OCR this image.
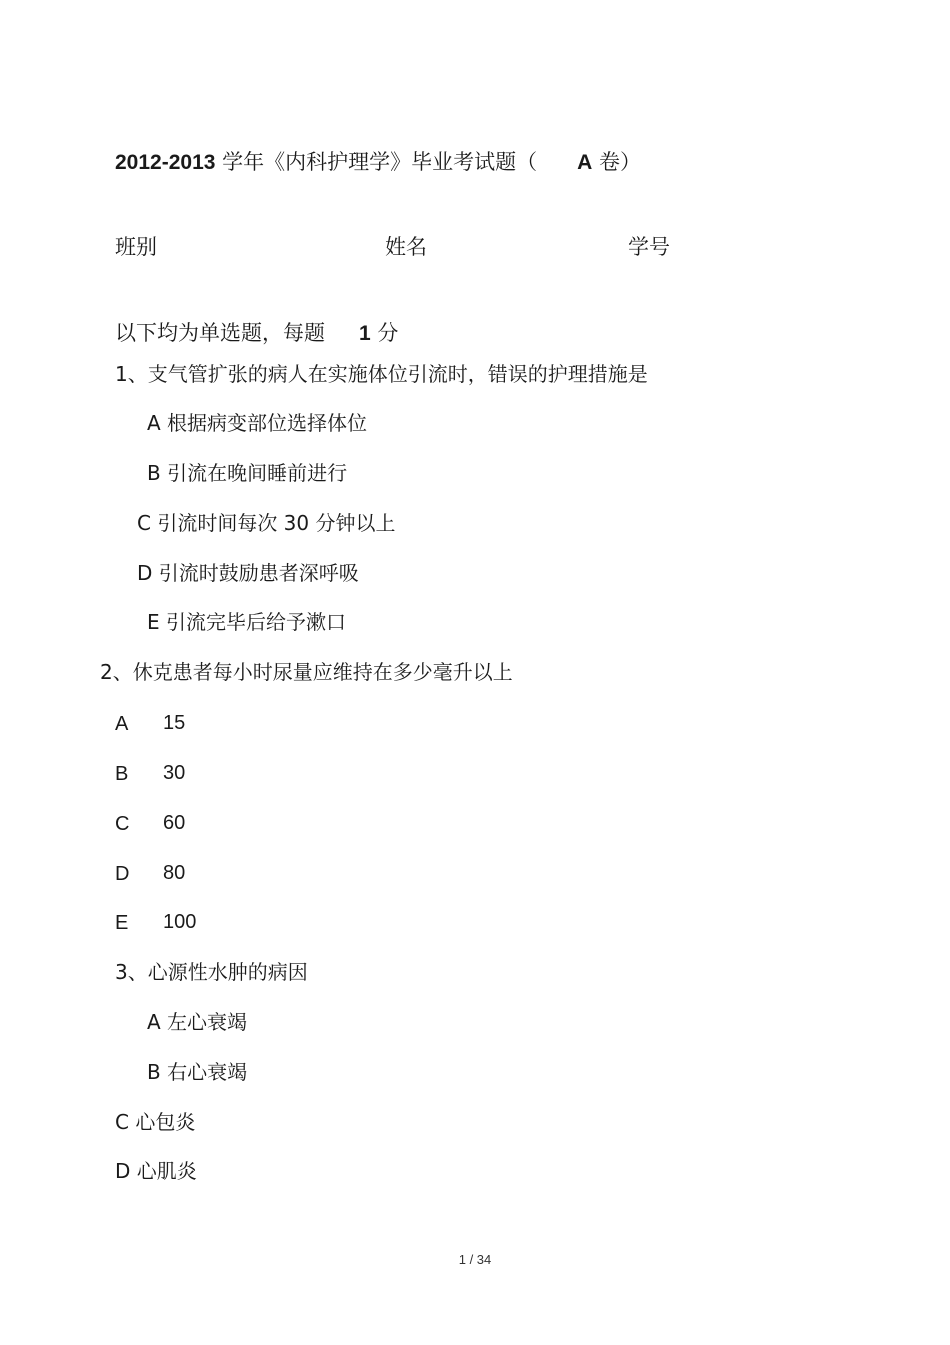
2012-2013 学年《内科护理学》毕业考试题（ A 卷）
班别	姓名	学号
以下均为单选题，每题 1 分
1、支气管扩张的病人在实施体位引流时，错误的护理措施是
A 根据病变部位选择体位
B 引流在晚间睡前进行
C 引流时间每次 30 分钟以上
D 引流时鼓励患者深呼吸
E 引流完毕后给予漱口
2、休克患者每小时尿量应维持在多少毫升以上
A 15
B 30
C 60
D 80
E 100
3、心源性水肿的病因
A 左心衰竭
B 右心衰竭
C 心包炎
D 心肌炎
1 / 34
